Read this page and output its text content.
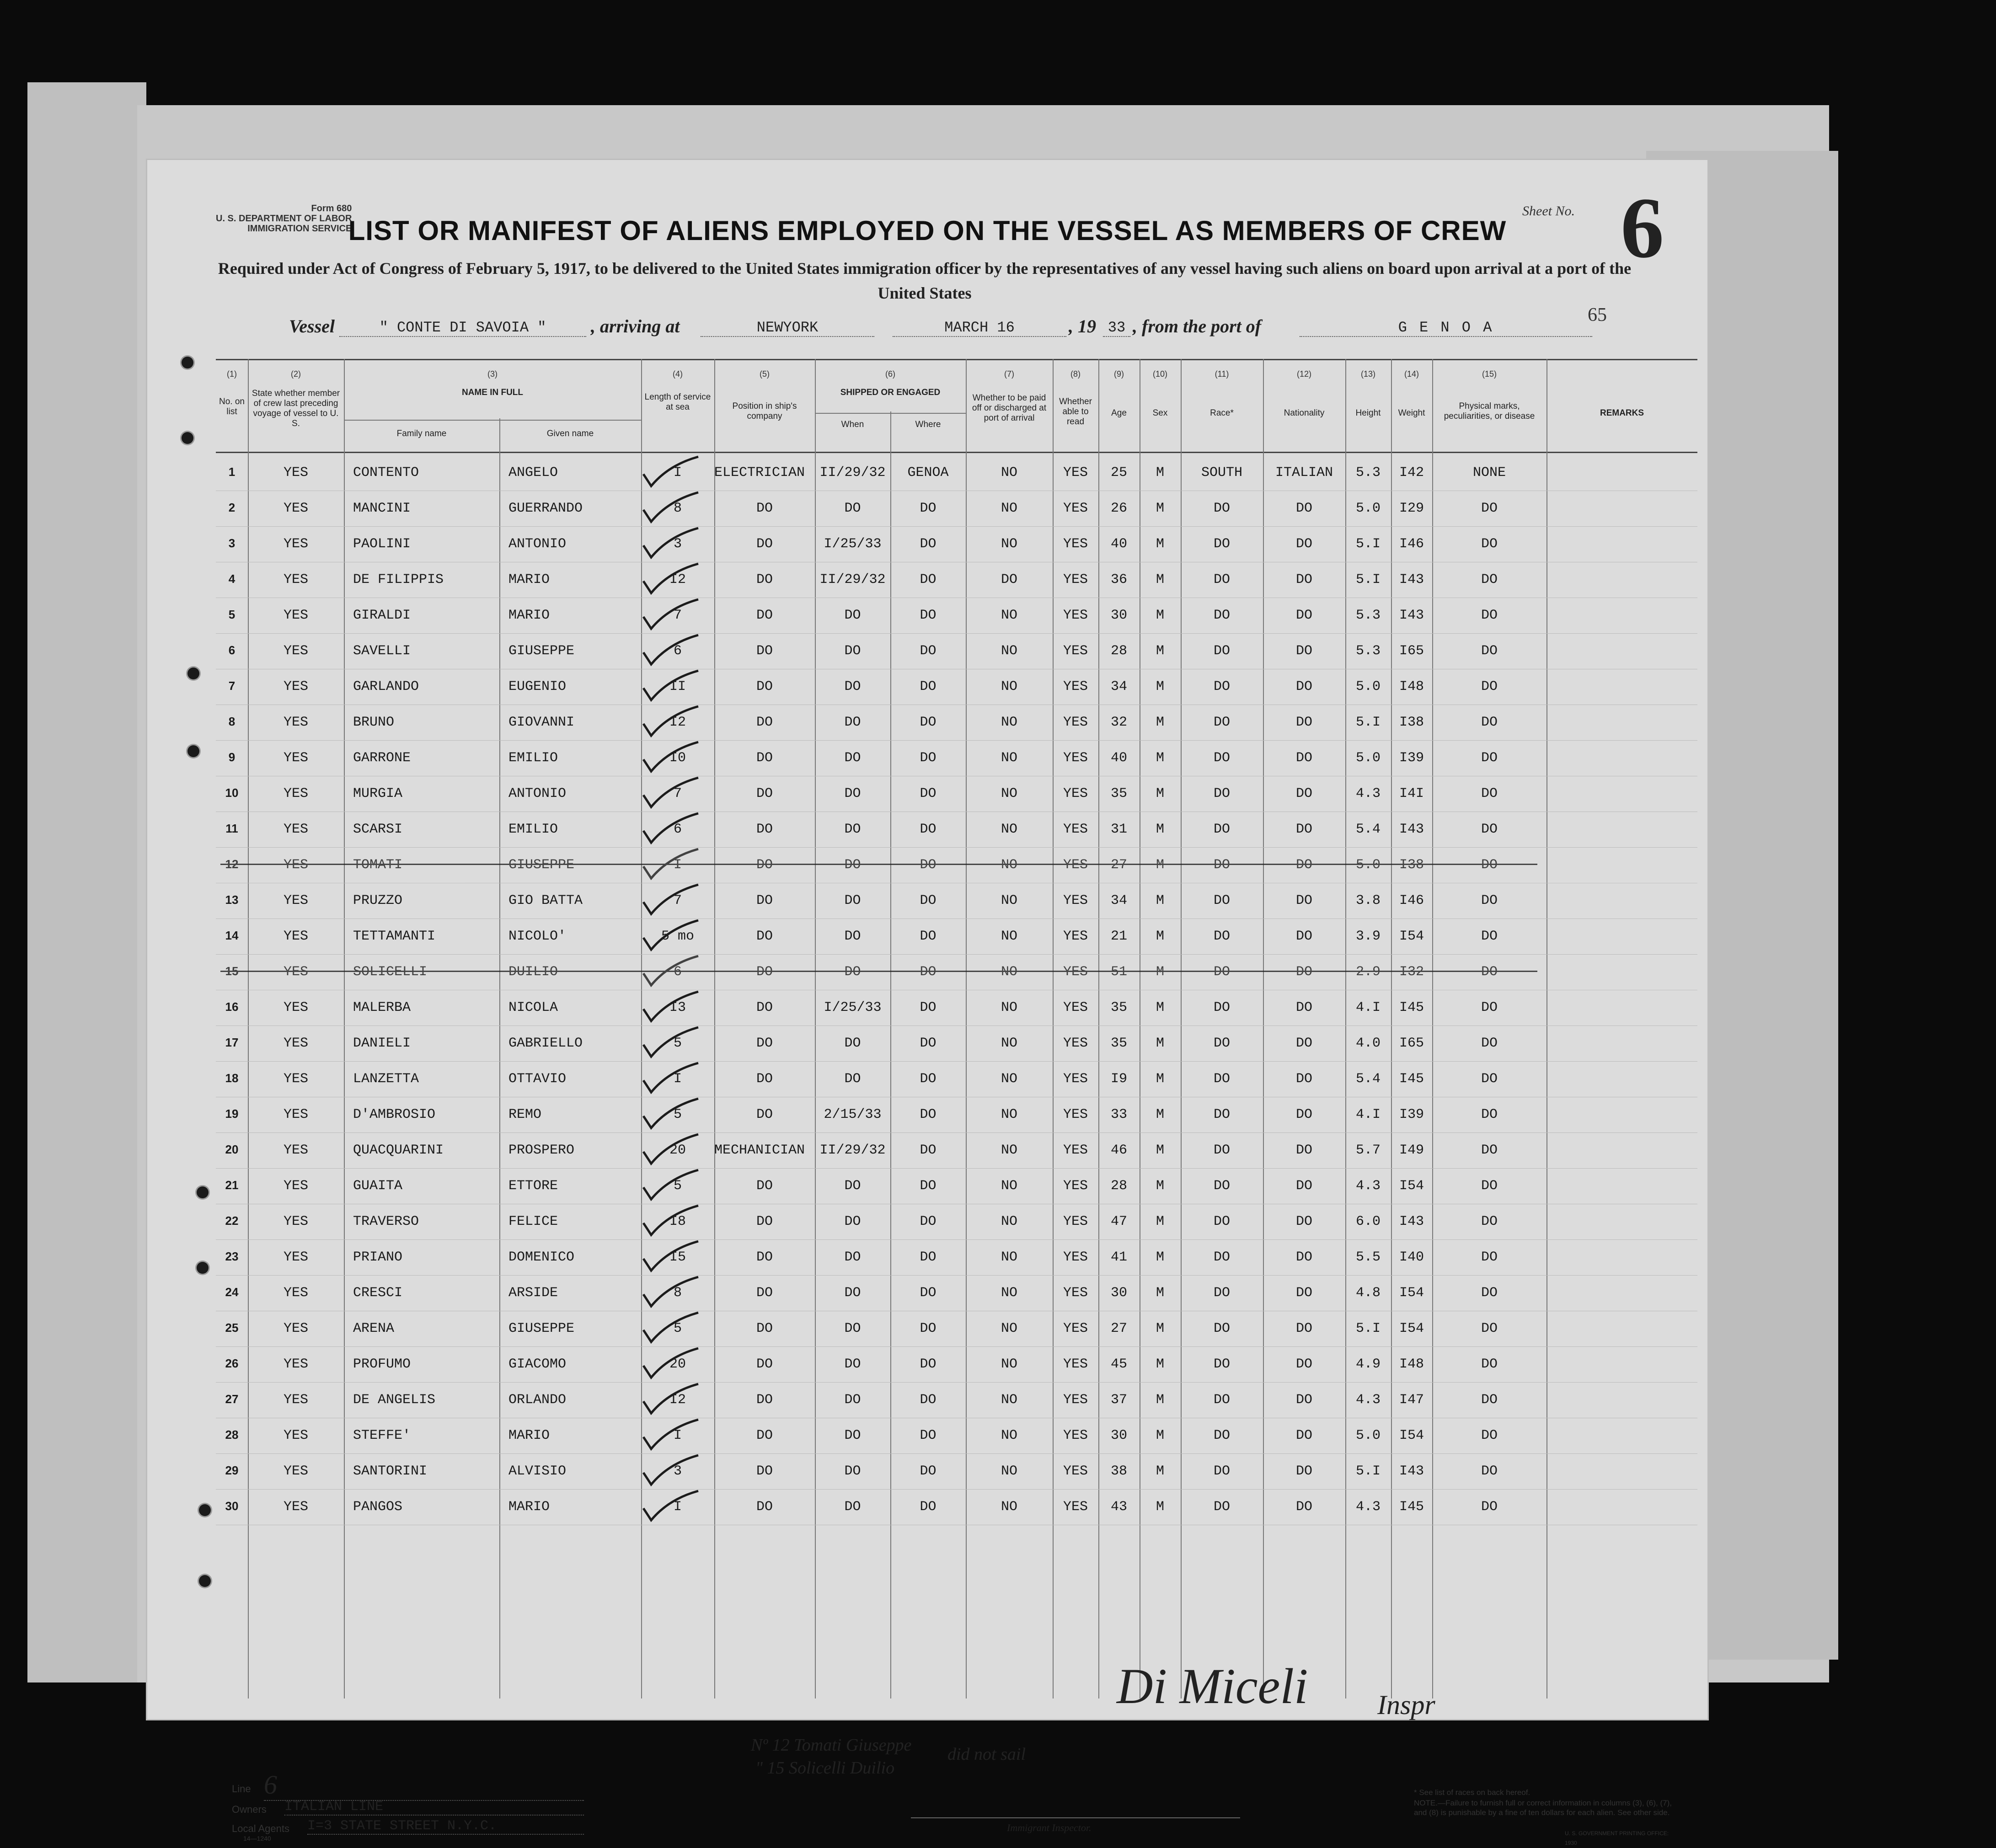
Form 680
U. S. DEPARTMENT OF LABOR
IMMIGRATION SERVICE
Sheet No. 6
LIST OR MANIFEST OF ALIENS EMPLOYED ON THE VESSEL AS MEMBERS OF CREW
Required under Act of Congress of February 5, 1917, to be delivered to the United States immigration officer by the representatives of any vessel having such aliens on board upon arrival at a port of the United States
65
Vessel	" CONTE DI SAVOIA "	, arriving at	NEWYORK	MARCH 16	, 19 33 , from the port of	G E N O A
(1)	(2)	(3)	(4)	(5)	(6)	(7)	(8)	(9)	(10)	(11)	(12)	(13)	(14)	(15)
No. on list
State whether member of crew last preceding voyage of vessel to U. S.
NAME IN FULL
Family name	Given name
Length of service at sea	Position in ship's company
SHIPPED OR ENGAGED
When	Where
Whether to be paid off or discharged at port of arrival
Whether able to read
Age	Sex	Race*	Nationality	Height	Weight
Physical marks, peculiarities, or disease	REMARKS
1	YES	CONTENTO	ANGELO	I	ELECTRICIAN	II/29/32	GENOA	NO	YES	25	M	SOUTH	ITALIAN	5.3	I42	NONE
2	YES	MANCINI	GUERRANDO	8	DO	DO	DO	NO	YES	26	M	DO	DO	5.0	I29	DO
3	YES	PAOLINI	ANTONIO	3	DO	I/25/33	DO	NO	YES	40	M	DO	DO	5.I	I46	DO
4	YES	DE FILIPPIS	MARIO	I2	DO	II/29/32	DO	DO	YES	36	M	DO	DO	5.I	I43	DO
5	YES	GIRALDI	MARIO	7	DO	DO	DO	NO	YES	30	M	DO	DO	5.3	I43	DO
6	YES	SAVELLI	GIUSEPPE	6	DO	DO	DO	NO	YES	28	M	DO	DO	5.3	I65	DO
7	YES	GARLANDO	EUGENIO	II	DO	DO	DO	NO	YES	34	M	DO	DO	5.0	I48	DO
8	YES	BRUNO	GIOVANNI	I2	DO	DO	DO	NO	YES	32	M	DO	DO	5.I	I38	DO
9	YES	GARRONE	EMILIO	I0	DO	DO	DO	NO	YES	40	M	DO	DO	5.0	I39	DO
10	YES	MURGIA	ANTONIO	7	DO	DO	DO	NO	YES	35	M	DO	DO	4.3	I4I	DO
11	YES	SCARSI	EMILIO	6	DO	DO	DO	NO	YES	31	M	DO	DO	5.4	I43	DO
12	YES	TOMATI	GIUSEPPE	I	DO	DO	DO	NO	YES	27	M	DO	DO	5.0	I38	DO
13	YES	PRUZZO	GIO BATTA	7	DO	DO	DO	NO	YES	34	M	DO	DO	3.8	I46	DO
14	YES	TETTAMANTI	NICOLO'	5 mo	DO	DO	DO	NO	YES	21	M	DO	DO	3.9	I54	DO
15	YES	SOLICELLI	DUILIO	6	DO	DO	DO	NO	YES	51	M	DO	DO	2.9	I32	DO
16	YES	MALERBA	NICOLA	I3	DO	I/25/33	DO	NO	YES	35	M	DO	DO	4.I	I45	DO
17	YES	DANIELI	GABRIELLO	5	DO	DO	DO	NO	YES	35	M	DO	DO	4.0	I65	DO
18	YES	LANZETTA	OTTAVIO	I	DO	DO	DO	NO	YES	I9	M	DO	DO	5.4	I45	DO
19	YES	D'AMBROSIO	REMO	5	DO	2/15/33	DO	NO	YES	33	M	DO	DO	4.I	I39	DO
20	YES	QUACQUARINI	PROSPERO	20	MECHANICIAN	II/29/32	DO	NO	YES	46	M	DO	DO	5.7	I49	DO
21	YES	GUAITA	ETTORE	5	DO	DO	DO	NO	YES	28	M	DO	DO	4.3	I54	DO
22	YES	TRAVERSO	FELICE	I8	DO	DO	DO	NO	YES	47	M	DO	DO	6.0	I43	DO
23	YES	PRIANO	DOMENICO	I5	DO	DO	DO	NO	YES	41	M	DO	DO	5.5	I40	DO
24	YES	CRESCI	ARSIDE	8	DO	DO	DO	NO	YES	30	M	DO	DO	4.8	I54	DO
25	YES	ARENA	GIUSEPPE	5	DO	DO	DO	NO	YES	27	M	DO	DO	5.I	I54	DO
26	YES	PROFUMO	GIACOMO	20	DO	DO	DO	NO	YES	45	M	DO	DO	4.9	I48	DO
27	YES	DE ANGELIS	ORLANDO	I2	DO	DO	DO	NO	YES	37	M	DO	DO	4.3	I47	DO
28	YES	STEFFE'	MARIO	I	DO	DO	DO	NO	YES	30	M	DO	DO	5.0	I54	DO
29	YES	SANTORINI	ALVISIO	3	DO	DO	DO	NO	YES	38	M	DO	DO	5.I	I43	DO
30	YES	PANGOS	MARIO	I	DO	DO	DO	NO	YES	43	M	DO	DO	4.3	I45	DO
Line 6
Owners ITALIAN LINE
Local Agents I=3 STATE STREET N.Y.C.
14—1240
Nº 12 Tomati Giuseppe
" 15 Solicelli Duilio
did not sail
Di Miceli	Inspr
Immigrant Inspector.
* See list of races on back hereof.
NOTE.—Failure to furnish full or correct information in columns (3), (6), (7), and (8) is punishable by a fine of ten dollars for each alien. See other side.
U. S. GOVERNMENT PRINTING OFFICE: 1930
